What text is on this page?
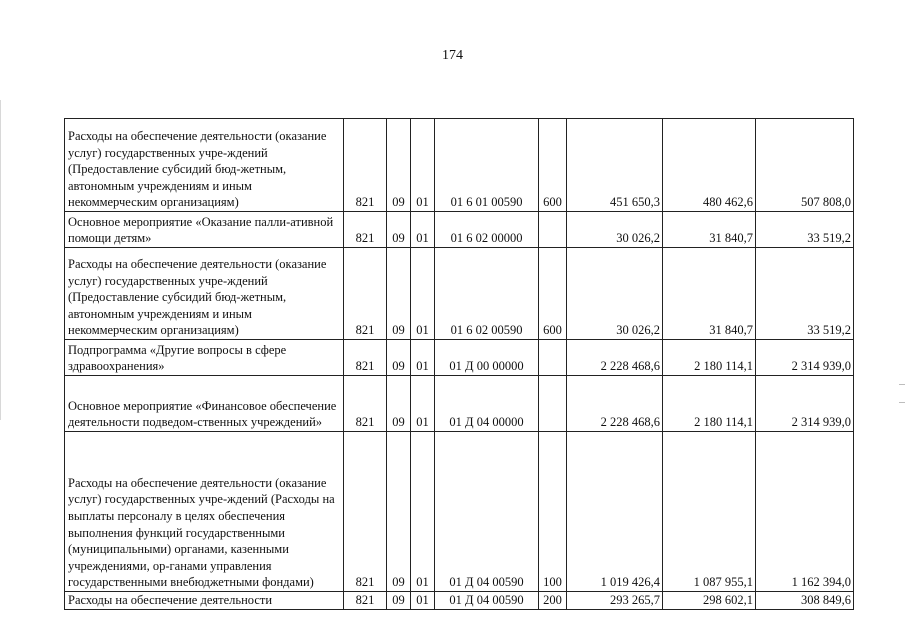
174
Расходы на обеспечение деятельности (оказание услуг) государственных учре-ждений (Предоставление субсидий бюд-жетным, автономным учреждениям и иным некоммерческим организациям)	821	09	01	01 6 01 00590	600	451 650,3	480 462,6	507 808,0
Основное мероприятие «Оказание палли-ативной помощи детям»	821	09	01	01 6 02 00000		30 026,2	31 840,7	33 519,2
Расходы на обеспечение деятельности (оказание услуг) государственных учре-ждений (Предоставление субсидий бюд-жетным, автономным учреждениям и иным некоммерческим организациям)	821	09	01	01 6 02 00590	600	30 026,2	31 840,7	33 519,2
Подпрограмма «Другие вопросы в сфере здравоохранения»	821	09	01	01 Д 00 00000		2 228 468,6	2 180 114,1	2 314 939,0
Основное мероприятие «Финансовое обеспечение деятельности подведом-ственных учреждений»	821	09	01	01 Д 04 00000		2 228 468,6	2 180 114,1	2 314 939,0
Расходы на обеспечение деятельности (оказание услуг) государственных учре-ждений (Расходы на выплаты персоналу в целях обеспечения выполнения функций государственными (муниципальными) органами, казенными учреждениями, ор-ганами управления государственными внебюджетными фондами)	821	09	01	01 Д 04 00590	100	1 019 426,4	1 087 955,1	1 162 394,0
Расходы на обеспечение деятельности	821	09	01	01 Д 04 00590	200	293 265,7	298 602,1	308 849,6
